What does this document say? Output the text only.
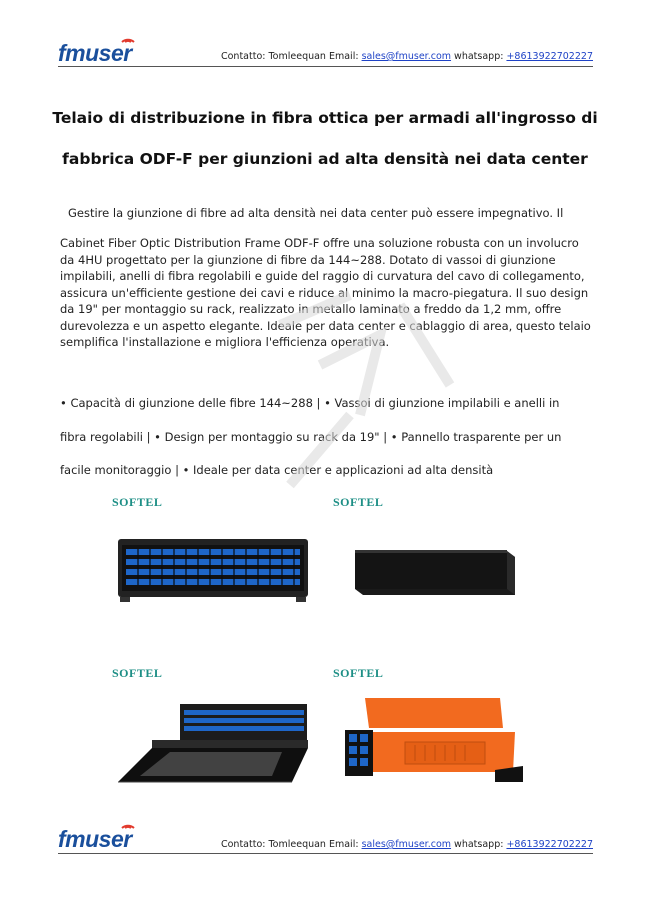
fmuser	Contatto: Tomleequan Email: sales@fmuser.com whatsapp: +8613922702227
Telaio di distribuzione in fibra ottica per armadi all'ingrosso di
fabbrica ODF-F per giunzioni ad alta densità nei data center
Gestire la giunzione di fibre ad alta densità nei data center può essere impegnativo. Il
Cabinet Fiber Optic Distribution Frame ODF-F offre una soluzione robusta con un involucro da 4HU progettato per la giunzione di fibre da 144~288. Dotato di vassoi di giunzione impilabili, anelli di fibra regolabili e guide del raggio di curvatura del cavo di collegamento, assicura un'efficiente gestione dei cavi e riduce al minimo la macro-piegatura. Il suo design da 19" per montaggio su rack, realizzato in metallo laminato a freddo da 1,2 mm, offre durevolezza e un aspetto elegante. Ideale per data center e cablaggio di area, questo telaio semplifica l'installazione e migliora l'efficienza operativa.
• Capacità di giunzione delle fibre 144~288 | • Vassoi di giunzione impilabili e anelli in
fibra regolabili | • Design per montaggio su rack da 19" | • Pannello trasparente per un
facile monitoraggio | • Ideale per data center e applicazioni ad alta densità
SOFTEL	SOFTEL
SOFTEL	SOFTEL
fmuser	Contatto: Tomleequan Email: sales@fmuser.com whatsapp: +8613922702227
